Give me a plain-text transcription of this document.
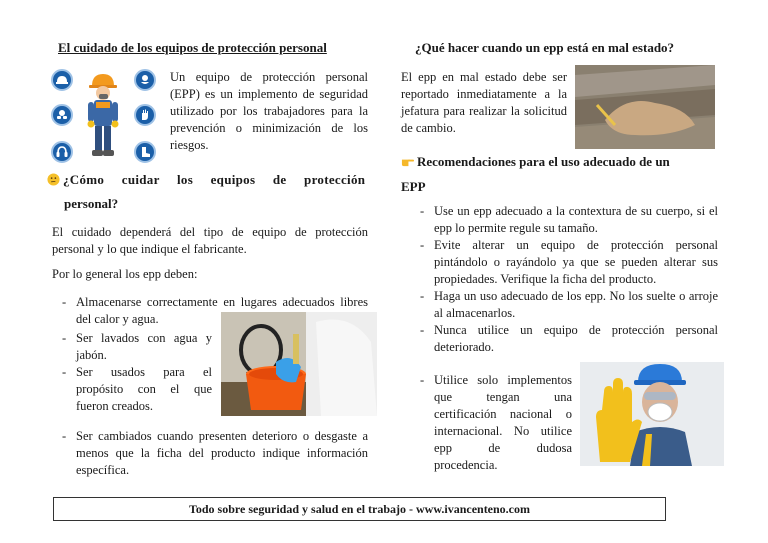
El cuidado de los equipos de protección personal
Un equipo de protección personal (EPP) es un implemento de seguridad utilizado por los trabajadores para la prevención o minimización de los riesgos.
¿Cómo cuidar los equipos de protección
personal?
El cuidado dependerá del tipo de equipo de protección personal y lo que indique el fabricante.
Por lo general los epp deben:
- Almacenarse correctamente en lugares adecuados libres del calor y agua.
- Ser lavados con agua y jabón.
- Ser usados para el propósito con el que fueron creados.
- Ser cambiados cuando presenten deterioro o desgaste a menos que la ficha del producto indique información específica.
¿Qué hacer cuando un epp está en mal estado?
El epp en mal estado debe ser reportado inmediatamente a la jefatura para realizar la solicitud de cambio.
Recomendaciones para el uso adecuado de un
EPP
- Use un epp adecuado a la contextura de su cuerpo, si el epp lo permite regule su tamaño.
- Evite alterar un equipo de protección personal pintándolo o rayándolo ya que se pueden alterar sus propiedades. Verifique la ficha del producto.
- Haga un uso adecuado de los epp. No los suelte o arroje al almacenarlos.
- Nunca utilice un equipo de protección personal deteriorado.
- Utilice solo implementos que tengan una certificación nacional o internacional. No utilice epp de dudosa procedencia.
Todo sobre seguridad y salud en el trabajo - www.ivancenteno.com
